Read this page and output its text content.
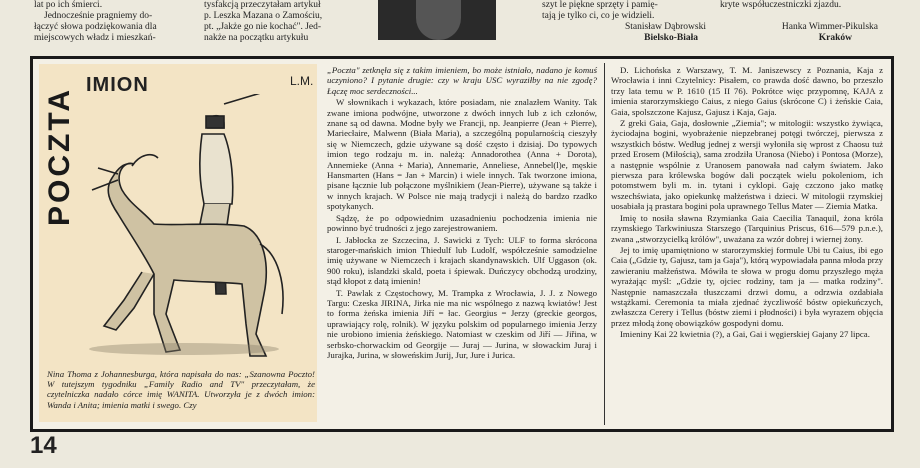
lat po ich śmierci.

Jednocześnie pragniemy do-

łączyć słowa podziękowania dla

miejscowych władz i mieszkań-

tysfakcją przeczytałam artykuł

p. Leszka Mazana o Zamościu,

pt. „Jakże go nie kochać". Jed-

nakże na początku artykułu

szyt le piękne sprzęty i pamię-

tają je tylko ci, co je widzieli.

Stanisław Dąbrowski

Bielsko-Biała

kryte współuczestniczki zjazdu.

Hanka Wimmer-Pikulska

Kraków

POCZTA
IMION	L.M.

Nina Thoma z Johannesburga, która napisała do nas: „Szanowna Poczto! W tutejszym tygodniku „Family Radio and TV" przeczytałam, że czytelniczka nadało córce imię WANITA. Utworzyła je z dwóch imion: Wanda i Anita; imienia matki i swego. Czy

„Poczta" zetknęła się z takim imieniem, bo może istniało, nadano je komuś uczyniono? I pytanie drugie: czy w kraju USC wyraziłby na nie zgodę? Łączę moc serdeczności...

W słownikach i wykazach, które posiadam, nie znalazłem Wanity. Tak zwane imiona podwójne, utworzone z dwóch innych lub z ich członów, znane są od dawna. Modne były we Francji, np. Jeanpierre (Jean + Pierre), Mariecłaire, Malwenn (Biała Maria), a szczególną popularnością cieszyły się w Niemczech, gdzie używane są dość często i dzisiaj. Do typowych imion tego rodzaju m. in. należą: Annadorothea (Anna + Dorota), Annemieke (Anna + Maria), Annemarie, Anneliese, Annebel(l)e, męskie Hansmarten (Hans = Jan + Marcin) i wiele innych. Tak tworzone imiona, pisane łącznie lub połączone myślnikiem (Jean-Pierre), używane są także i w innych krajach. W Polsce nie mają tradycji i należą do bardzo rzadko spotykanych.

Sądzę, że po odpowiednim uzasadnieniu pochodzenia imienia nie powinno być trudności z jego zarejestrowaniem.

I. Jabłocka ze Szczecina, J. Sawicki z Tych: ULF to forma skrócona staroger-mańskich imion Thiedulf lub Ludolf, współcześnie samodzielne imię używane w Niemczech i krajach skandynawskich. Ulf Uggason (ok. 900 roku), islandzki skald, poeta i śpiewak. Duńczycy obchodzą urodziny, stąd kłopot z datą imienin!

T. Pawlak z Częstochowy, M. Trampka z Wrocławia, J. J. z Nowego Targu: Czeska JIRINA, Jirka nie ma nic wspólnego z nazwą kwiatów! Jest to forma żeńska imienia Jiří = łac. Georgius = Jerzy (greckie georgos, uprawiający rolę, rolnik). W języku polskim od popularnego imienia Jerzy nie urobiono imienia żeńskiego. Natomiast w czeskim od Jiří — Jiřina, w serbsko-chorwackim od Georgije — Juraj — Jurina, w słowackim Juraj i Jurajka, Jurina, w słoweńskim Jurij, Jur, Jure i Jurica.

D. Lichońska z Warszawy, T. M. Janiszewscy z Poznania, Kaja z Wrocławia i inni Czytelnicy: Pisałem, co prawda dość dawno, bo przeszło trzy lata temu w P. 1610 (15 II 76). Pokrótce więc przypomnę, KAJA z imienia starorzymskiego Caius, z niego Gaius (skrócone C) i żeńskie Caia, Gaia, spolszczone Kajusz, Gajusz i Kaja, Gaja.

Z greki Gaia, Gaja, dosłownie „Ziemia"; w mitologii: wszystko żywiąca, życiodajna bogini, wyobrażenie niepzebranej potęgi twórczej, pierwsza z wszystkich bóstw. Według jednej z wersji wyłoniła się wprost z Chaosu tuż przed Erosem (Miłością), sama zrodziła Uranosa (Niebo) i Pontosa (Morze), a następnie wspólnie z Uranosem panowała nad całym światem. Jako pierwsza para królewska bogów dali początek wielu pokoleniom, ich potomstwem byli m. in. tytani i cyklopi. Gaję czczono jako matkę wszechświata, jako opiekunkę małżeństwa i dzieci. W mitologii rzymskiej uosabiała ją prastara bogini pola uprawnego Tellus Mater — Ziemia Matka.

Imię to nosiła sławna Rzymianka Gaia Caecilia Tanaquil, żona króla rzymskiego Tarkwiniusza Starszego (Tarquinius Priscus, 616—579 p.n.e.), zwana „stworzycielką królów", uważana za wzór dobrej i wiernej żony.

Jej to imię upamiętniono w starorzymskiej formule Ubi tu Caius, ibi ego Caia („Gdzie ty, Gajusz, tam ja Gaja"), którą wypowiadała panna młoda przy zawieraniu małżeństwa. Mówiła te słowa w progu domu przyszłego męża wyrażając myśl: „Gdzie ty, ojciec rodziny, tam ja — matka rodziny". Następnie namaszczała tłuszczami drzwi domu, a odrzwia ozdabiała wstążkami. Ceremonia ta miała zjednać życzliwość bóstw opiekuńczych, zwłaszcza Cerery i Tellus (bóstw ziemi i płodności) i była wyrazem objęcia przez młodą żonę obowiązków gospodyni domu.

Imieniny Kai 22 kwietnia (?), a Gai, Gai i węgierskiej Gajany 27 lipca.

14
